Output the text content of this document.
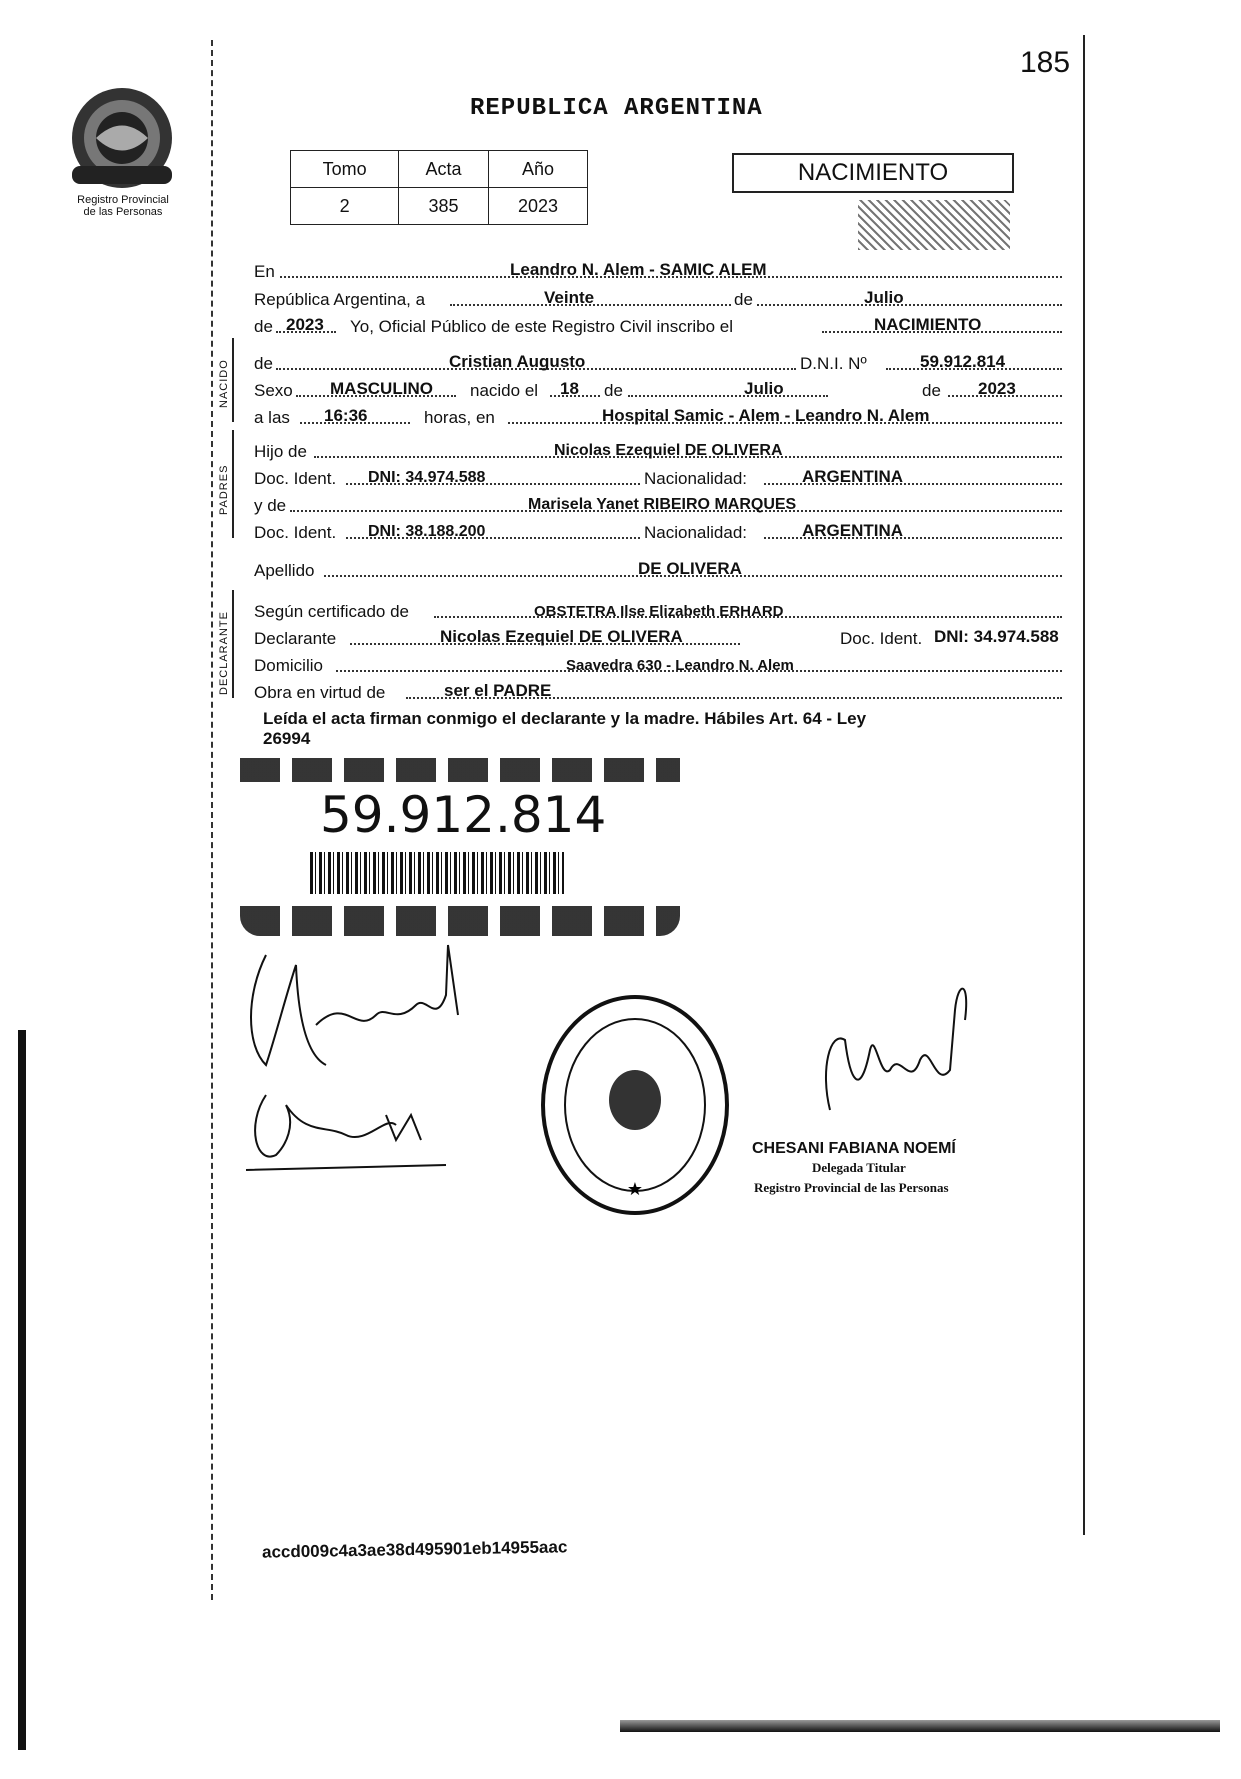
185
Registro Provincial
de las Personas
REPUBLICA ARGENTINA
Tomo	Acta	Año
2	385	2023
NACIMIENTO
En	Leandro N. Alem - SAMIC ALEM
República Argentina, a	Veinte	de	Julio
de 2023 Yo, Oficial Público de este Registro Civil inscribo el	NACIMIENTO
NACIDO de	Cristian Augusto	D.N.I. Nº	59.912.814
Sexo MASCULINO nacido el 18 de	Julio	de 2023
a las 16:36	horas, en	Hospital Samic - Alem - Leandro N. Alem
PADRES
Hijo de	Nicolas Ezequiel DE OLIVERA
Doc. Ident. DNI: 34.974.588	Nacionalidad:	ARGENTINA
y de	Marisela Yanet RIBEIRO MARQUES
Doc. Ident. DNI: 38.188.200	Nacionalidad:	ARGENTINA
Apellido	DE OLIVERA
DECLARANTE Según certificado de	OBSTETRA Ilse Elizabeth ERHARD
Declarante	Nicolas Ezequiel DE OLIVERA	Doc. Ident. DNI: 34.974.588
Domicilio	Saavedra 630 - Leandro N. Alem
Obra en virtud de	ser el PADRE
Leída el acta firman conmigo el declarante y la madre. Hábiles Art. 64 - Ley
26994
59.912.814
★
CHESANI FABIANA NOEMÍ
Delegada Titular
Registro Provincial de las Personas
accd009c4a3ae38d495901eb14955aac
